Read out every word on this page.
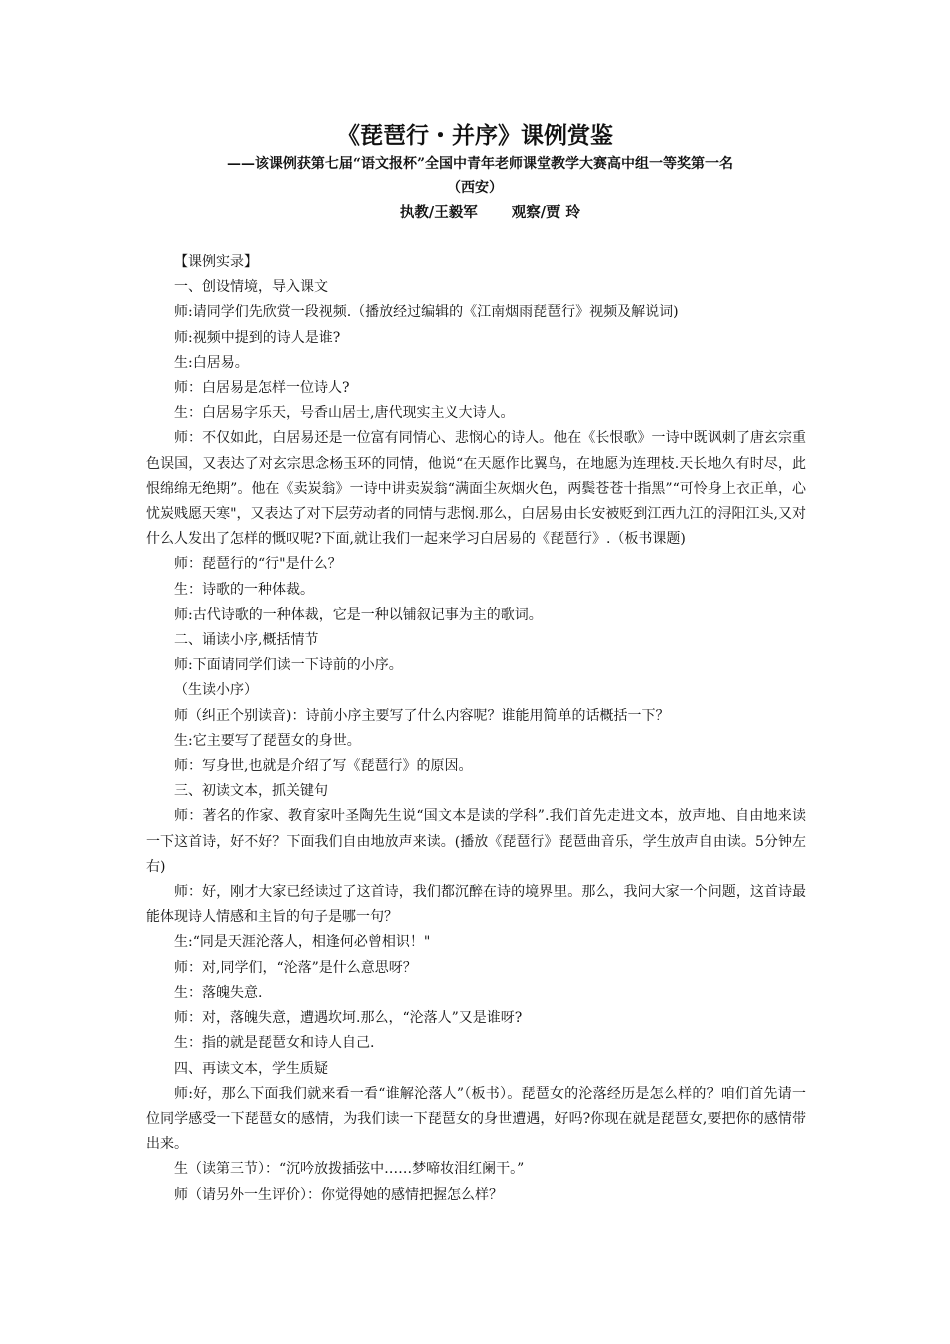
《琵琶行・并序》课例赏鉴
——该课例获第七届“语文报杯”全国中青年老师课堂教学大赛高中组一等奖第一名
（西安）
执教/王毅军 观察/贾 玲

【课例实录】

一、创设情境，导入课文

师:请同学们先欣赏一段视频.（播放经过编辑的《江南烟雨琵琶行》视频及解说词)

师:视频中提到的诗人是谁?

生:白居易。

师：白居易是怎样一位诗人?

生：白居易字乐天，号香山居士,唐代现实主义大诗人。

师：不仅如此，白居易还是一位富有同情心、悲悯心的诗人。他在《长恨歌》一诗中既讽刺了唐玄宗重色误国，又表达了对玄宗思念杨玉环的同情，他说“在天愿作比翼鸟，在地愿为连理枝.天长地久有时尽，此恨绵绵无绝期”。他在《卖炭翁》一诗中讲卖炭翁“满面尘灰烟火色，两鬓苍苍十指黑”“可怜身上衣正单，心忧炭贱愿天寒"，又表达了对下层劳动者的同情与悲悯.那么，白居易由长安被贬到江西九江的浔阳江头,又对什么人发出了怎样的慨叹呢?下面,就让我们一起来学习白居易的《琵琶行》.（板书课题)

师：琵琶行的“行"是什么？

生：诗歌的一种体裁。

师:古代诗歌的一种体裁，它是一种以铺叙记事为主的歌词。

二、诵读小序,概括情节

师:下面请同学们读一下诗前的小序。

（生读小序）

师（纠正个别读音)：诗前小序主要写了什么内容呢？谁能用简单的话概括一下？

生:它主要写了琵琶女的身世。

师：写身世,也就是介绍了写《琵琶行》的原因。

三、初读文本，抓关键句

师：著名的作家、教育家叶圣陶先生说“国文本是读的学科”.我们首先走进文本，放声地、自由地来读一下这首诗，好不好？下面我们自由地放声来读。(播放《琵琶行》琵琶曲音乐，学生放声自由读。5分钟左右)

师：好，刚才大家已经读过了这首诗，我们都沉醉在诗的境界里。那么，我问大家一个问题，这首诗最能体现诗人情感和主旨的句子是哪一句？

生:“同是天涯沦落人，相逢何必曾相识！"

师：对,同学们，“沦落”是什么意思呀？

生：落魄失意.

师：对，落魄失意，遭遇坎坷.那么，“沦落人”又是谁呀?

生：指的就是琵琶女和诗人自己.

四、再读文本，学生质疑

师:好，那么下面我们就来看一看“谁解沦落人”（板书）。琵琶女的沦落经历是怎么样的？咱们首先请一位同学感受一下琵琶女的感情，为我们读一下琵琶女的身世遭遇，好吗?你现在就是琵琶女,要把你的感情带出来。

生（读第三节）：“沉吟放拨插弦中……梦啼妆泪红阑干。”

师（请另外一生评价）：你觉得她的感情把握怎么样？
